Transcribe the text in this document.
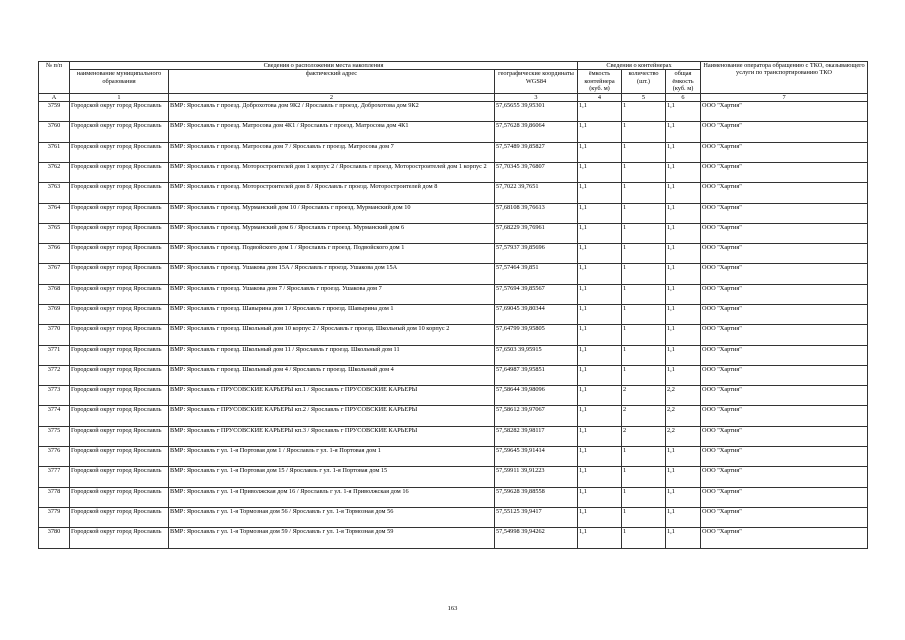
№ п/п	Сведения о расположении места накопления			Сведения о контейнерах			Наименование оператора обращению с ТКО, оказывающего услуги по транспортированию ТКО
	наименование муниципального образования	фактический адрес	географические координаты WGS84	ёмкость контейнера (куб. м)	количество (шт.)	общая ёмкость (куб. м)	
A	1	2	3	4	5	6	7
3759	Городской округ город Ярославль	ВМР: Ярославль г проезд. Доброхотова дом 9К2 / Ярославль г проезд. Доброхотова дом 9К2	57,65655 39,95301	1,1	1	1,1	ООО "Хартия"
3760	Городской округ город Ярославль	ВМР: Ярославль г проезд. Матросова дом 4К1 / Ярославль г проезд. Матросова дом 4К1	57,57628 39,86064	1,1	1	1,1	ООО "Хартия"
3761	Городской округ город Ярославль	ВМР: Ярославль г проезд. Матросова дом 7 / Ярославль г проезд. Матросова дом 7	57,57489 39,85827	1,1	1	1,1	ООО "Хартия"
3762	Городской округ город Ярославль	ВМР: Ярославль г проезд. Моторостроителей дом 1 корпус 2 / Ярославль г проезд. Моторостроителей дом 1 корпус 2	57,70345 39,76807	1,1	1	1,1	ООО "Хартия"
3763	Городской округ город Ярославль	ВМР: Ярославль г проезд. Моторостроителей дом 8 / Ярославль г проезд. Моторостроителей дом 8	57,7022 39,7651	1,1	1	1,1	ООО "Хартия"
3764	Городской округ город Ярославль	ВМР: Ярославль г проезд. Мурманский дом 10 / Ярославль г проезд. Мурманский дом 10	57,68108 39,76613	1,1	1	1,1	ООО "Хартия"
3765	Городской округ город Ярославль	ВМР: Ярославль г проезд. Мурманский дом 6 / Ярославль г проезд. Мурманский дом 6	57,68229 39,76961	1,1	1	1,1	ООО "Хартия"
3766	Городской округ город Ярославль	ВМР: Ярославль г проезд. Подвойского дом 1 / Ярославль г проезд. Подвойского дом 1	57,57937 39,85696	1,1	1	1,1	ООО "Хартия"
3767	Городской округ город Ярославль	ВМР: Ярославль г проезд. Ушакова дом 15А / Ярославль г проезд. Ушакова дом 15А	57,57464 39,851	1,1	1	1,1	ООО "Хартия"
3768	Городской округ город Ярославль	ВМР: Ярославль г проезд. Ушакова дом 7 / Ярославль г проезд. Ушакова дом 7	57,57694 39,85567	1,1	1	1,1	ООО "Хартия"
3769	Городской округ город Ярославль	ВМР: Ярославль г проезд. Шавырина дом 1 / Ярославль г проезд. Шавырина дом 1	57,69045 39,80344	1,1	1	1,1	ООО "Хартия"
3770	Городской округ город Ярославль	ВМР: Ярославль г проезд. Школьный дом 10 корпус 2 / Ярославль г проезд. Школьный дом 10 корпус 2	57,64799 39,95805	1,1	1	1,1	ООО "Хартия"
3771	Городской округ город Ярославль	ВМР: Ярославль г проезд. Школьный дом 11 / Ярославль г проезд. Школьный дом 11	57,6503 39,95915	1,1	1	1,1	ООО "Хартия"
3772	Городской округ город Ярославль	ВМР: Ярославль г проезд. Школьный дом 4 / Ярославль г проезд. Школьный дом 4	57,64987 39,95851	1,1	1	1,1	ООО "Хартия"
3773	Городской округ город Ярославль	ВМР: Ярославль г ПРУСОВСКИЕ КАРЬЕРЫ кп.1 / Ярославль г ПРУСОВСКИЕ КАРЬЕРЫ	57,58644 39,98096	1,1	2	2,2	ООО "Хартия"
3774	Городской округ город Ярославль	ВМР: Ярославль г ПРУСОВСКИЕ КАРЬЕРЫ кп.2 / Ярославль г ПРУСОВСКИЕ КАРЬЕРЫ	57,58612 39,97067	1,1	2	2,2	ООО "Хартия"
3775	Городской округ город Ярославль	ВМР: Ярославль г ПРУСОВСКИЕ КАРЬЕРЫ кп.3 / Ярославль г ПРУСОВСКИЕ КАРЬЕРЫ	57,58282 39,98117	1,1	2	2,2	ООО "Хартия"
3776	Городской округ город Ярославль	ВМР: Ярославль г ул. 1-я Портовая дом 1 / Ярославль г ул. 1-я Портовая дом 1	57,59645 39,91414	1,1	1	1,1	ООО "Хартия"
3777	Городской округ город Ярославль	ВМР: Ярославль г ул. 1-я Портовая дом 15 / Ярославль г ул. 1-я Портовая дом 15	57,59911 39,91223	1,1	1	1,1	ООО "Хартия"
3778	Городской округ город Ярославль	ВМР: Ярославль г ул. 1-я Приволжская дом 16 / Ярославль г ул. 1-я Приволжская дом 16	57,59628 39,88558	1,1	1	1,1	ООО "Хартия"
3779	Городской округ город Ярославль	ВМР: Ярославль г ул. 1-я Тормозная дом 56 / Ярославль г ул. 1-я Тормозная дом 56	57,55125 39,9417	1,1	1	1,1	ООО "Хартия"
3780	Городской округ город Ярославль	ВМР: Ярославль г ул. 1-я Тормозная дом 59 / Ярославль г ул. 1-я Тормозная дом 59	57,54998 39,94262	1,1	1	1,1	ООО "Хартия"
163
